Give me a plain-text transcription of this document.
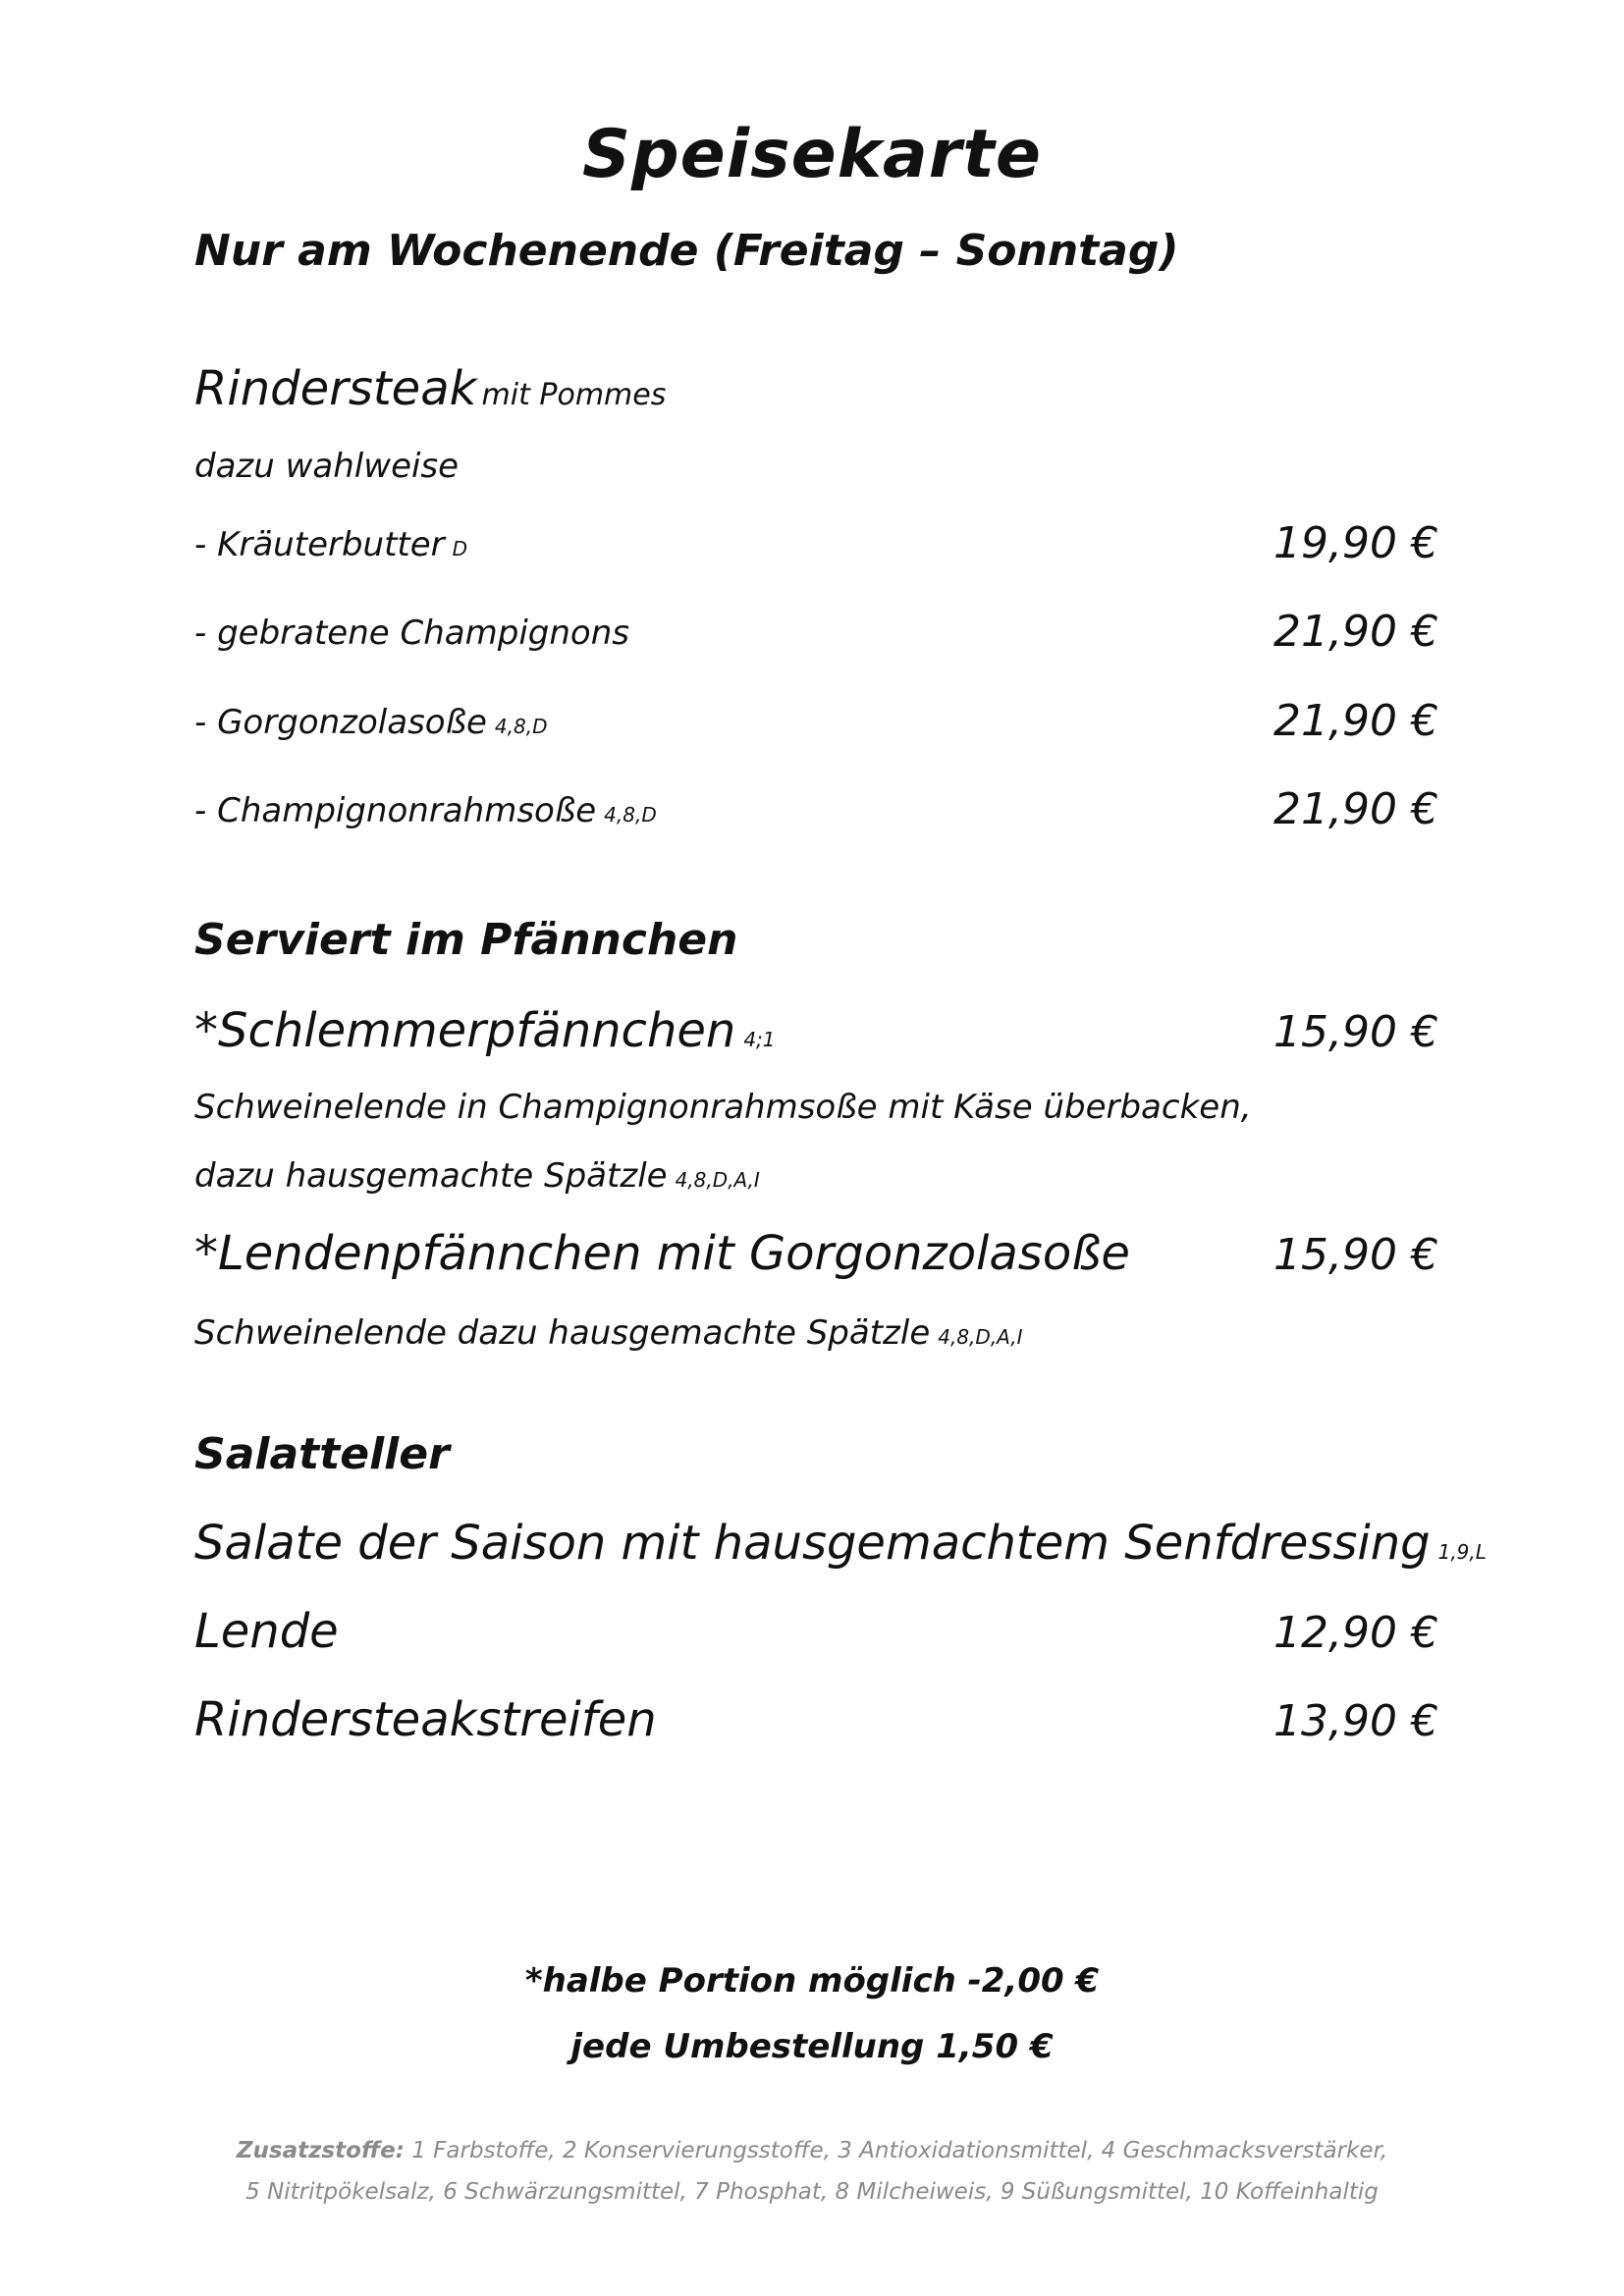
Speisekarte
Nur am Wochenende (Freitag – Sonntag)
Rindersteak mit Pommes
dazu wahlweise
- Kräuterbutter D	19,90 €
- gebratene Champignons	21,90 €
- Gorgonzolasoße 4,8,D	21,90 €
- Champignonrahmsoße 4,8,D	21,90 €
Serviert im Pfännchen
*Schlemmerpfännchen 4;1	15,90 €
Schweinelende in Champignonrahmsoße mit Käse überbacken,
dazu hausgemachte Spätzle 4,8,D,A,I
*Lendenpfännchen mit Gorgonzolasoße	15,90 €
Schweinelende dazu hausgemachte Spätzle 4,8,D,A,I
Salatteller
Salate der Saison mit hausgemachtem Senfdressing 1,9,L
Lende	12,90 €
Rindersteakstreifen	13,90 €
*halbe Portion möglich -2,00 €
jede Umbestellung 1,50 €
Zusatzstoffe: 1 Farbstoffe, 2 Konservierungsstoffe, 3 Antioxidationsmittel, 4 Geschmacksverstärker,
5 Nitritpökelsalz, 6 Schwärzungsmittel, 7 Phosphat, 8 Milcheiweis, 9 Süßungsmittel, 10 Koffeinhaltig
